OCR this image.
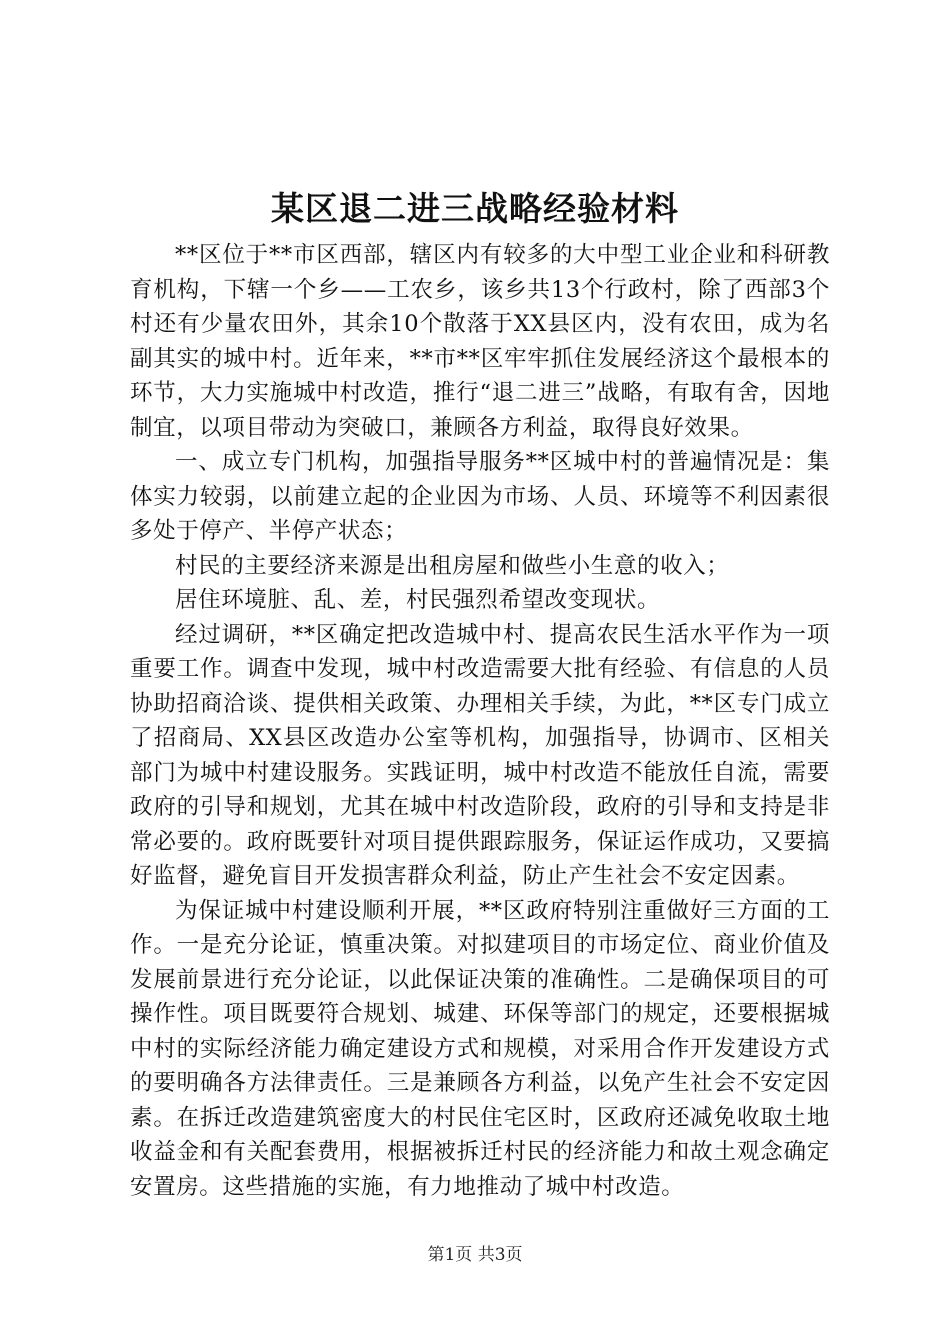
某区退二进三战略经验材料

**区位于**市区西部，辖区内有较多的大中型工业企业和科研教育机构，下辖一个乡——工农乡，该乡共13个行政村，除了西部3个村还有少量农田外，其余10个散落于XX县区内，没有农田，成为名副其实的城中村。近年来，**市**区牢牢抓住发展经济这个最根本的环节，大力实施城中村改造，推行“退二进三”战略，有取有舍，因地制宜，以项目带动为突破口，兼顾各方利益，取得良好效果。

一、成立专门机构，加强指导服务**区城中村的普遍情况是：集体实力较弱，以前建立起的企业因为市场、人员、环境等不利因素很多处于停产、半停产状态；

村民的主要经济来源是出租房屋和做些小生意的收入；

居住环境脏、乱、差，村民强烈希望改变现状。

经过调研，**区确定把改造城中村、提高农民生活水平作为一项重要工作。调查中发现，城中村改造需要大批有经验、有信息的人员协助招商洽谈、提供相关政策、办理相关手续，为此，**区专门成立了招商局、XX县区改造办公室等机构，加强指导，协调市、区相关部门为城中村建设服务。实践证明，城中村改造不能放任自流，需要政府的引导和规划，尤其在城中村改造阶段，政府的引导和支持是非常必要的。政府既要针对项目提供跟踪服务，保证运作成功，又要搞好监督，避免盲目开发损害群众利益，防止产生社会不安定因素。

为保证城中村建设顺利开展，**区政府特别注重做好三方面的工作。一是充分论证，慎重决策。对拟建项目的市场定位、商业价值及发展前景进行充分论证，以此保证决策的准确性。二是确保项目的可操作性。项目既要符合规划、城建、环保等部门的规定，还要根据城中村的实际经济能力确定建设方式和规模，对采用合作开发建设方式的要明确各方法律责任。三是兼顾各方利益，以免产生社会不安定因素。在拆迁改造建筑密度大的村民住宅区时，区政府还减免收取土地收益金和有关配套费用，根据被拆迁村民的经济能力和故土观念确定安置房。这些措施的实施，有力地推动了城中村改造。

第1页 共3页
